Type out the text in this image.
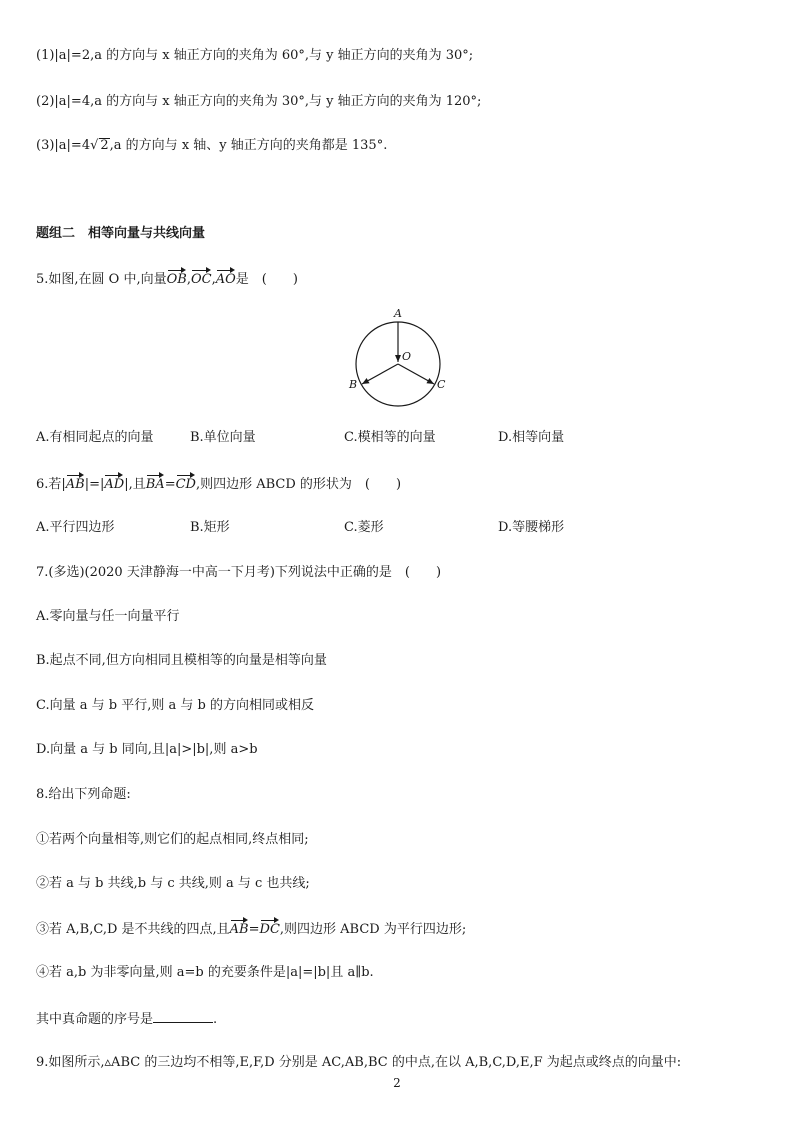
(1)|a|=2,a 的方向与 x 轴正方向的夹角为 60°,与 y 轴正方向的夹角为 30°;
(2)|a|=4,a 的方向与 x 轴正方向的夹角为 30°,与 y 轴正方向的夹角为 120°;
(3)|a|=4√ 2,a 的方向与 x 轴、y 轴正方向的夹角都是 135°.
题组二　相等向量与共线向量
5.如图,在圆 O 中,向量OB,OC,AO是　(　　)
A
O
B	C
A.有相同起点的向量	B.单位向量	C.模相等的向量	D.相等向量
6.若|AB|=|AD|,且BA=CD,则四边形 ABCD 的形状为　(　　)
A.平行四边形	B.矩形	C.菱形	D.等腰梯形
7.(多选)(2020 天津静海一中高一下月考)下列说法中正确的是　(　　)
A.零向量与任一向量平行
B.起点不同,但方向相同且模相等的向量是相等向量
C.向量 a 与 b 平行,则 a 与 b 的方向相同或相反
D.向量 a 与 b 同向,且|a|>|b|,则 a>b
8.给出下列命题:
①若两个向量相等,则它们的起点相同,终点相同;
②若 a 与 b 共线,b 与 c 共线,则 a 与 c 也共线;
③若 A,B,C,D 是不共线的四点,且AB=DC,则四边形 ABCD 为平行四边形;
④若 a,b 为非零向量,则 a=b 的充要条件是|a|=|b|且 a∥b.
其中真命题的序号是	.
9.如图所示,▵ABC 的三边均不相等,E,F,D 分别是 AC,AB,BC 的中点,在以 A,B,C,D,E,F 为起点或终点的向量中:
2
